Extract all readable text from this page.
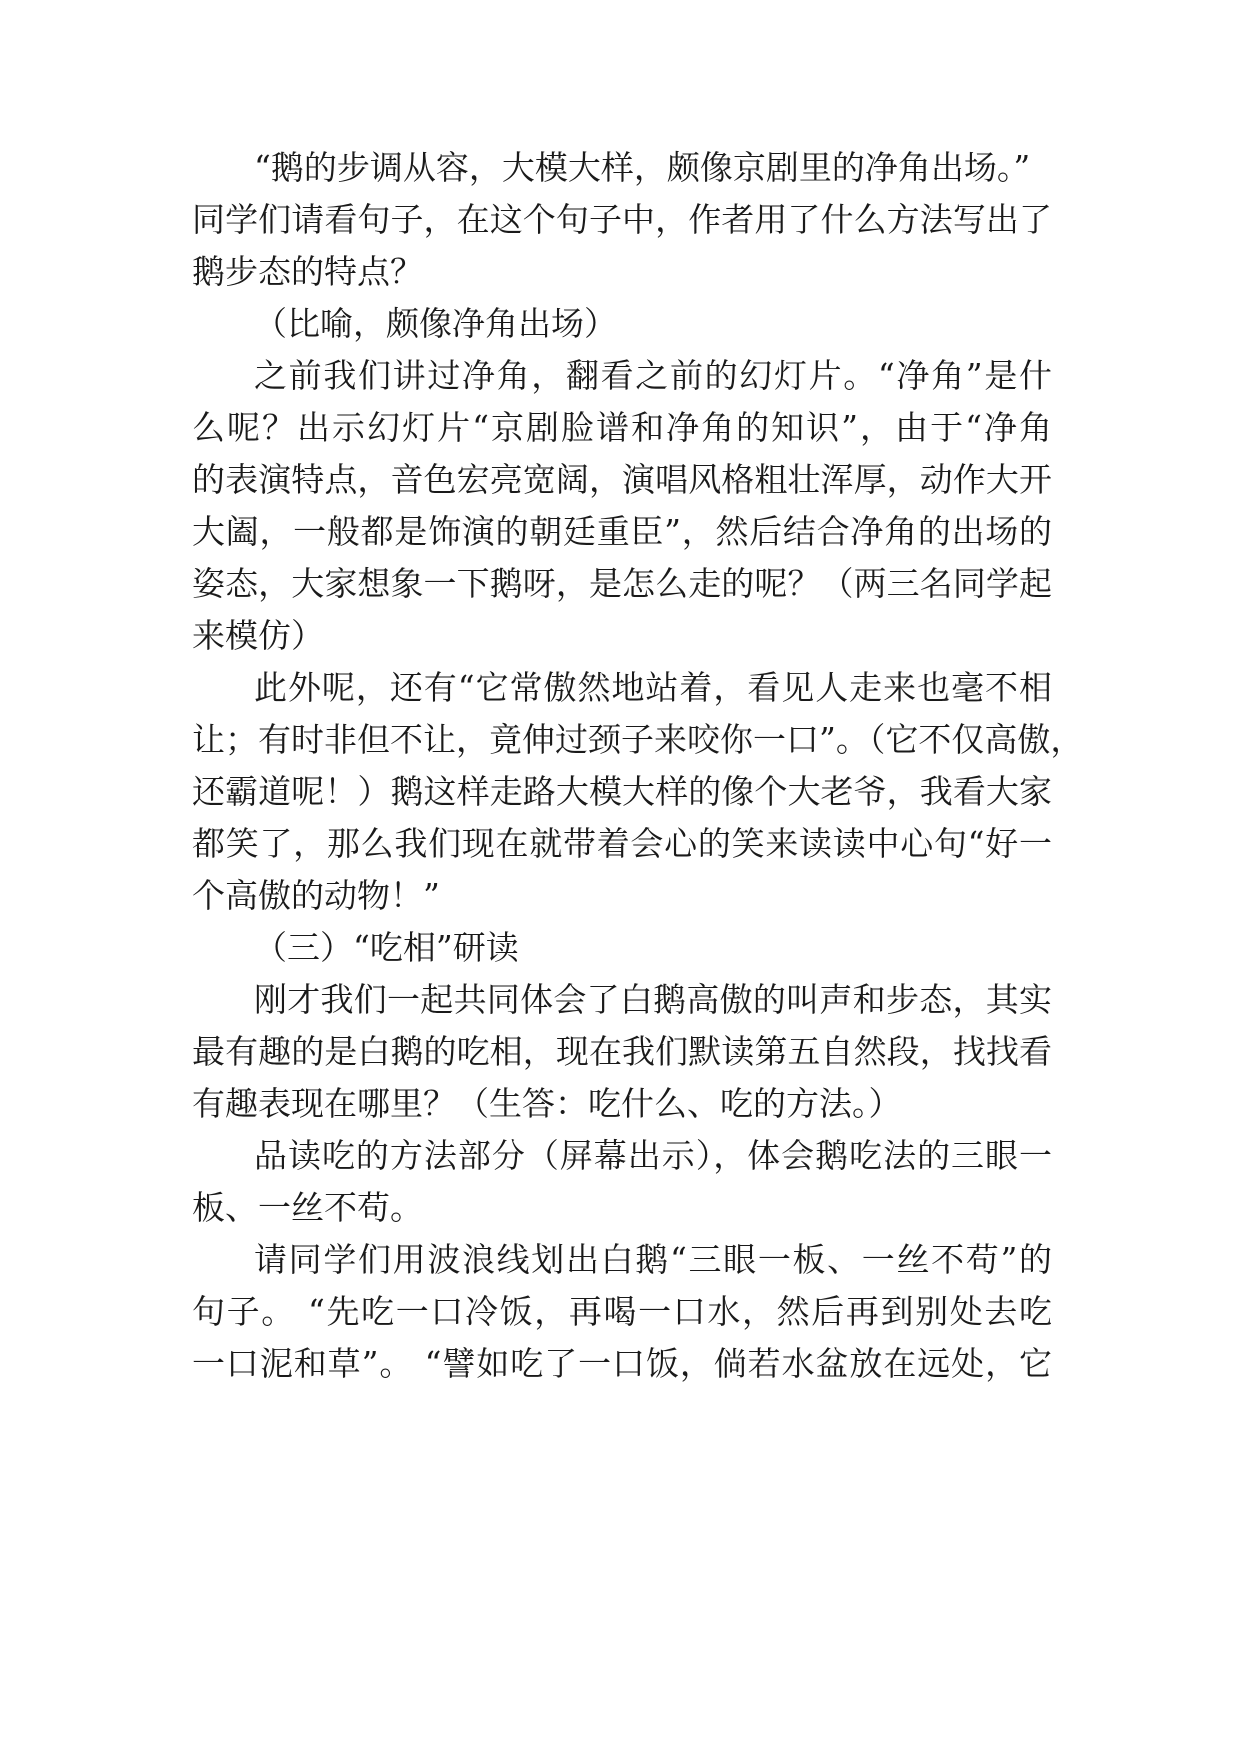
“鹅的步调从容，大模大样，颇像京剧里的净角出场。”
同学们请看句子，在这个句子中，作者用了什么方法写出了
鹅步态的特点？
（比喻，颇像净角出场）
之前我们讲过净角，翻看之前的幻灯片。“净角”是什
么呢？出示幻灯片“京剧脸谱和净角的知识”，由于“净角
的表演特点，音色宏亮宽阔，演唱风格粗壮浑厚，动作大开
大阖，一般都是饰演的朝廷重臣”，然后结合净角的出场的
姿态，大家想象一下鹅呀，是怎么走的呢？（两三名同学起
来模仿）
此外呢，还有“它常傲然地站着，看见人走来也毫不相
让；有时非但不让，竟伸过颈子来咬你一口”。（它不仅高傲，
还霸道呢！）鹅这样走路大模大样的像个大老爷，我看大家
都笑了，那么我们现在就带着会心的笑来读读中心句“好一
个高傲的动物！”
（三）“吃相”研读
刚才我们一起共同体会了白鹅高傲的叫声和步态，其实
最有趣的是白鹅的吃相，现在我们默读第五自然段，找找看
有趣表现在哪里？（生答：吃什么、吃的方法。）
品读吃的方法部分（屏幕出示），体会鹅吃法的三眼一
板、一丝不苟。
请同学们用波浪线划出白鹅“三眼一板、一丝不苟”的
句子。 “先吃一口冷饭，再喝一口水，然后再到别处去吃
一口泥和草”。 “譬如吃了一口饭，倘若水盆放在远处，它
